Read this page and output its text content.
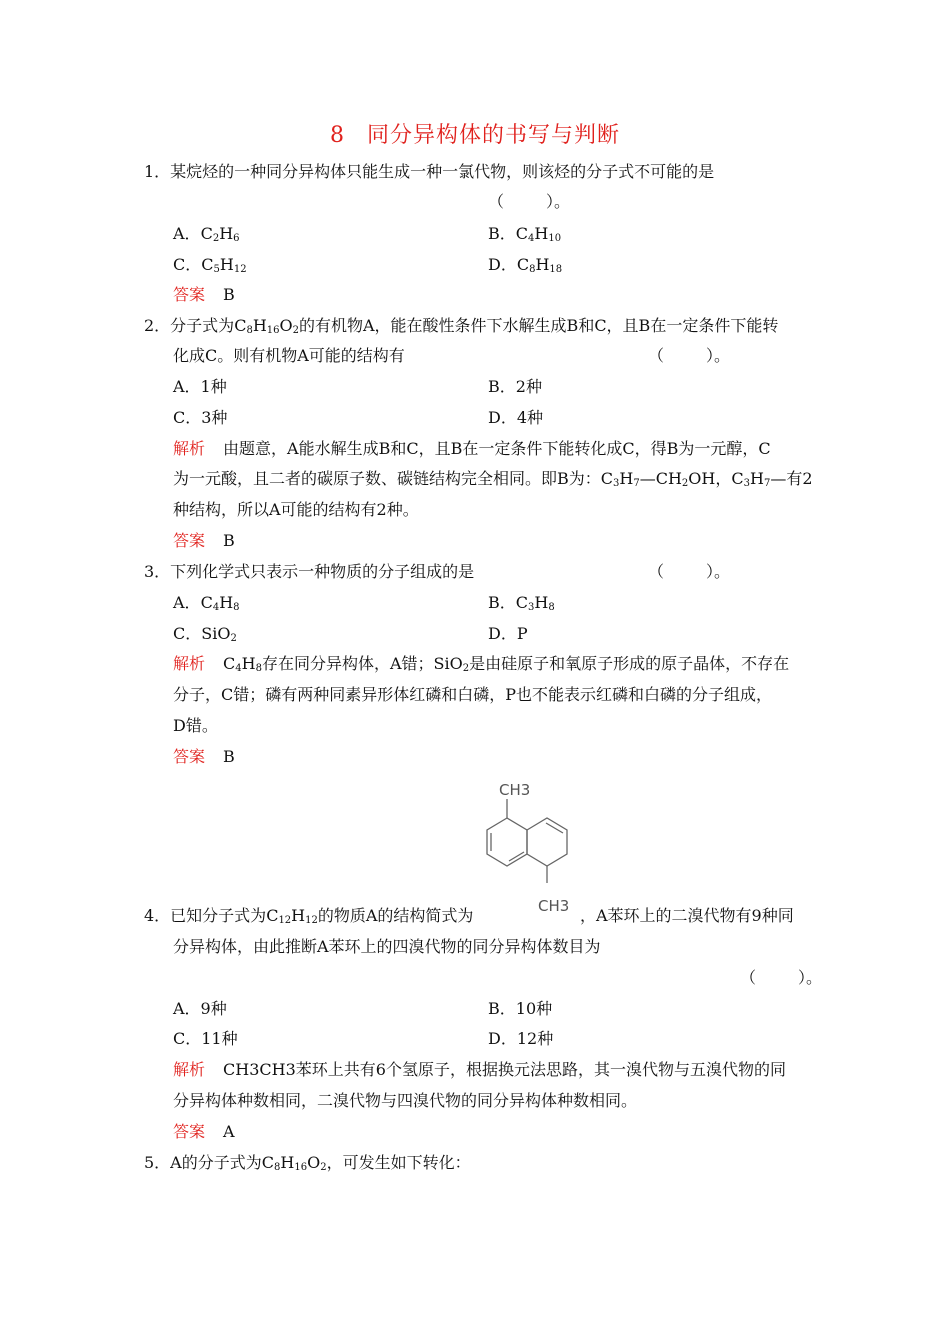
8 同分异构体的书写与判断
1．某烷烃的一种同分异构体只能生成一种一氯代物，则该烃的分子式不可能的是
（	）。
A．$C_2H_6$	B．$C_4H_{10}$
C．$C_5H_{12}$	D．$C_8H_{18}$
答案 B
2．分子式为$C_8H_{16}O_2$的有机物A，能在酸性条件下水解生成B和C，且B在一定条件下能转
化成C。则有机物A可能的结构有	（	）。
A．1种	B．2种
C．3种	D．4种
解析 由题意，A能水解生成B和C，且B在一定条件下能转化成C，得B为一元醇，C
为一元酸，且二者的碳原子数、碳链结构完全相同。即B为：$C_3H_7—CH_2OH$，$C_3H_7—$有2
种结构，所以A可能的结构有2种。
答案 B
3．下列化学式只表示一种物质的分子组成的是	（	）。
A．$C_4H_8$	B．$C_3H_8$
C．SiO$_2$	D．P
解析 $C_4H_8$存在同分异构体，A错；SiO$_2$是由硅原子和氧原子形成的原子晶体，不存在
分子，C错；磷有两种同素异形体红磷和白磷，P也不能表示红磷和白磷的分子组成，
D错。
答案 B
CH3
CH3
4．已知分子式为$C_{12}H_{12}$的物质A的结构简式为	，A苯环上的二溴代物有9种同
分异构体，由此推断A苯环上的四溴代物的同分异构体数目为
（	）。
A．9种	B．10种
C．11种	D．12种
解析 CH3CH3苯环上共有6个氢原子，根据换元法思路，其一溴代物与五溴代物的同
分异构体种数相同，二溴代物与四溴代物的同分异构体种数相同。
答案 A
5．A的分子式为$C_8H_{16}O_2$，可发生如下转化：
